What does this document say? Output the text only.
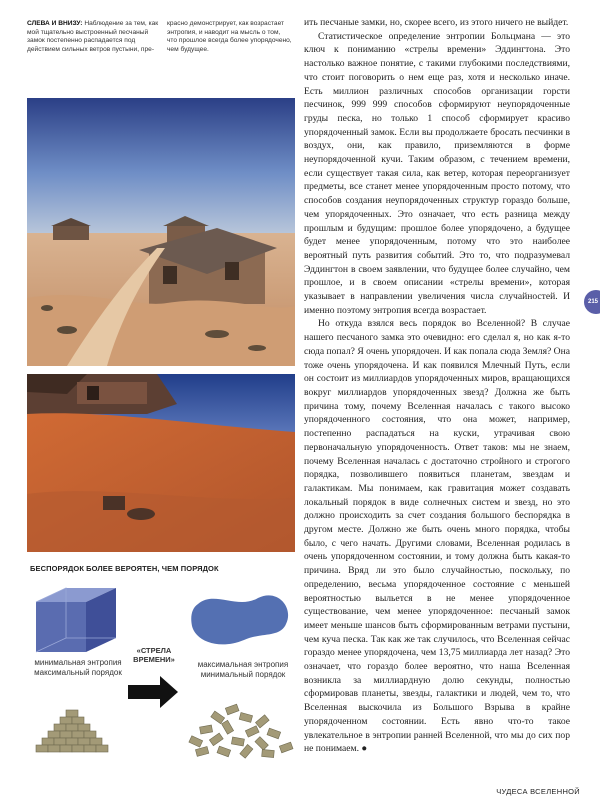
СЛЕВА И ВНИЗУ: Наблюдение за тем, как мой тщательно выстроенный песчаный замок постепенно распадается под действием сильных ветров пустыни, пре-
красно демонстрирует, как возрастает энтропия, и наводит на мысль о том, что прошлое всегда более упорядочено, чем будущее.
БЕСПОРЯДОК БОЛЕЕ ВЕРОЯТЕН, ЧЕМ ПОРЯДОК
минимальная энтропия максимальный порядок
«СТРЕЛА ВРЕМЕНИ»
максимальная энтропия минимальный порядок

ить песчаные замки, но, скорее всего, из этого ничего не выйдет.

Статистическое определение энтропии Больцмана — это ключ к пониманию «стрелы времени» Эддингтона. Это настолько важное понятие, с такими глубокими последствиями, что стоит поговорить о нем еще раз, хотя и несколько иначе. Есть миллион различных способов организации горсти песчинок, 999 999 способов сформируют неупорядоченные груды песка, но только 1 способ сформирует красиво упорядоченный замок. Если вы продолжаете бросать песчинки в воздух, они, как правило, приземляются в форме неупорядоченной кучи. Таким образом, с течением времени, если существует такая сила, как ветер, которая переорганизует предметы, все станет менее упорядоченным просто потому, что способов создания неупорядоченных структур гораздо больше, чем упорядоченных. Это означает, что есть разница между прошлым и будущим: прошлое более упорядочено, а будущее будет менее упорядоченным, потому что это наиболее вероятный путь развития событий. Это то, что подразумевал Эддингтон в своем заявлении, что будущее более случайно, чем прошлое, и в своем описании «стрелы времени», которая указывает в направлении увеличения числа случайностей. И именно поэтому энтропия всегда возрастает.

Но откуда взялся весь порядок во Вселенной? В случае нашего песчаного замка это очевидно: его сделал я, но как я-то сюда попал? Я очень упорядочен. И как попала сюда Земля? Она тоже очень упорядочена. И как появился Млечный Путь, если он состоит из миллиардов упорядоченных миров, вращающихся вокруг миллиардов упорядоченных звезд? Должна же быть причина тому, почему Вселенная началась с такого высоко упорядоченного состояния, что она может, например, постепенно распадаться на куски, утрачивая свою первоначальную упорядоченность. Ответ таков: мы не знаем, почему Вселенная началась с достаточно стройного и строгого порядка, позволившего появиться планетам, звездам и галактикам. Мы понимаем, как гравитация может создавать локальный порядок в виде солнечных систем и звезд, но это должно происходить за счет создания большого беспорядка в другом месте. Должно же быть очень много порядка, чтобы было, с чего начать. Другими словами, Вселенная родилась в очень упорядоченном состоянии, и тому должна быть какая-то причина. Вряд ли это было случайностью, поскольку, по определению, весьма упорядоченное состояние с меньшей вероятностью выльется в не менее упорядоченное существование, чем менее упорядоченное: песчаный замок имеет меньше шансов быть сформированным ветрами пустыни, чем куча песка. Так как же так случилось, что Вселенная сейчас гораздо менее упорядочена, чем 13,75 миллиарда лет назад? Это означает, что гораздо более вероятно, что наша Вселенная возникла за миллиардную долю секунды, полностью сформировав планеты, звезды, галактики и людей, чем то, что Вселенная выскочила из Большого Взрыва в крайне упорядоченном состоянии. Есть явно что-то такое увлекательное в энтропии ранней Вселенной, что мы до сих пор не понимаем. ●

215
ЧУДЕСА ВСЕЛЕННОЙ
